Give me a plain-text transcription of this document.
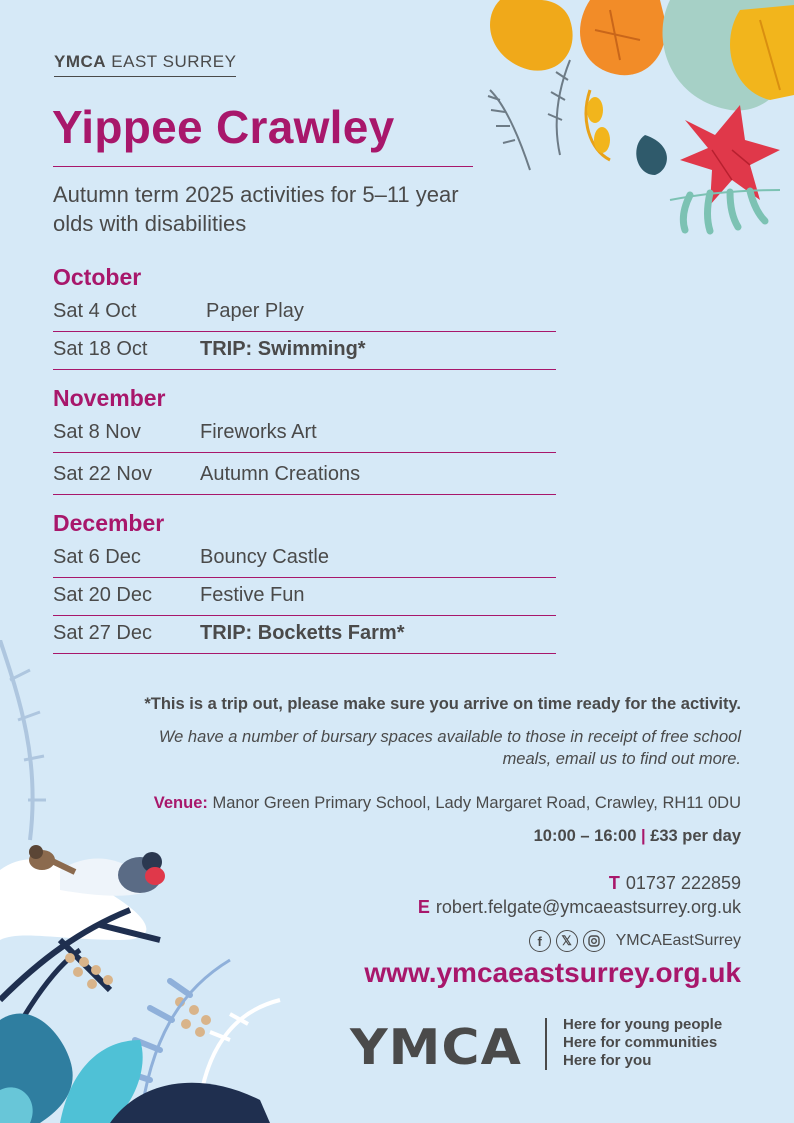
YMCA EAST SURREY
Yippee Crawley
Autumn term 2025 activities for 5–11 year olds with disabilities
October
Sat 4 Oct	Paper Play
Sat 18 Oct	TRIP: Swimming*
November
Sat 8 Nov	Fireworks Art
Sat 22 Nov Autumn Creations
December
Sat 6 Dec	Bouncy Castle
Sat 20 Dec Festive Fun
Sat 27 Dec TRIP: Bocketts Farm*
*This is a trip out, please make sure you arrive on time ready for the activity.
We have a number of bursary spaces available to those in receipt of free school
meals, email us to find out more.
Venue: Manor Green Primary School, Lady Margaret Road, Crawley, RH11 0DU
10:00 – 16:00 | £33 per day
T 01737 222859
E robert.felgate@ymcaeastsurrey.org.uk
f	𝕏	YMCAEastSurrey
www.ymcaeastsurrey.org.uk
YMCA	Here for young people
Here for communities
Here for you
